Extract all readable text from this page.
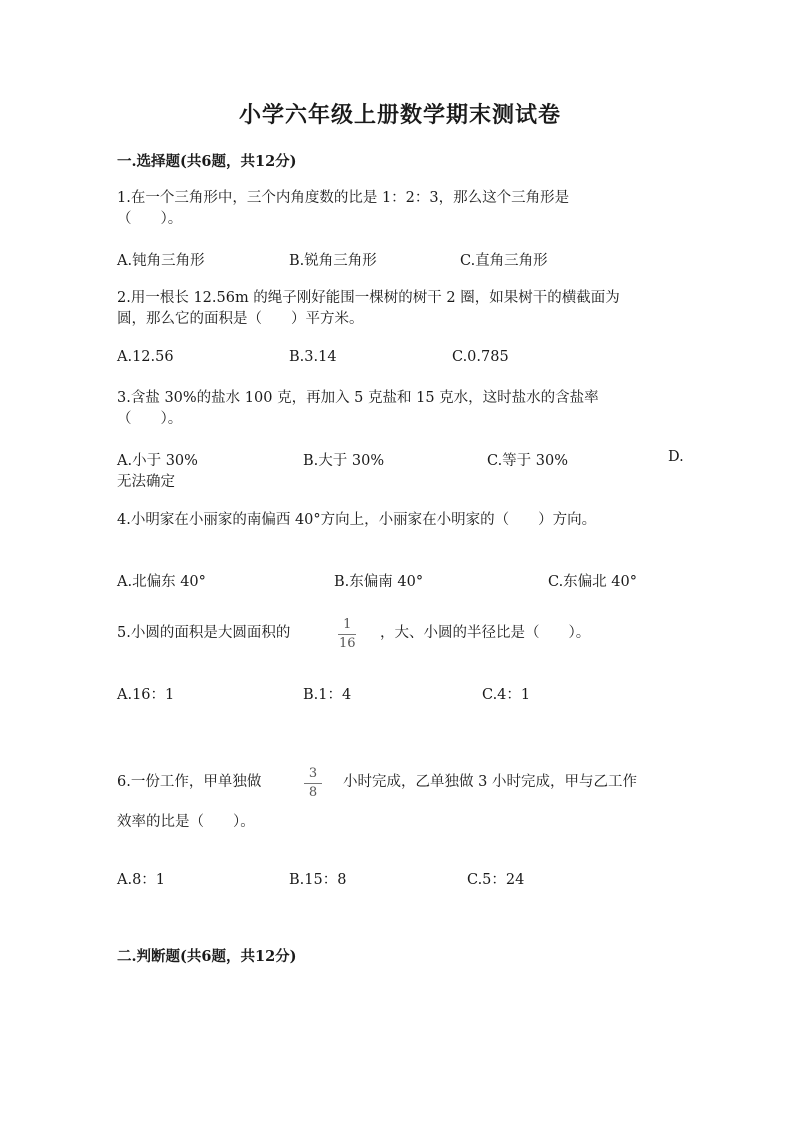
小学六年级上册数学期末测试卷
一.选择题(共6题，共12分)
1.在一个三角形中，三个内角度数的比是 1：2：3，那么这个三角形是
（　　）。
A.钝角三角形	B.锐角三角形	C.直角三角形
2.用一根长 12.56m 的绳子刚好能围一棵树的树干 2 圈，如果树干的横截面为
圆，那么它的面积是（　　）平方米。
A.12.56	B.3.14	C.0.785
3.含盐 30%的盐水 100 克，再加入 5 克盐和 15 克水，这时盐水的含盐率
（　　）。
A.小于 30%	B.大于 30%	C.等于 30%	D.
无法确定
4.小明家在小丽家的南偏西 40°方向上，小丽家在小明家的（　　）方向。
A.北偏东 40°	B.东偏南 40°	C.东偏北 40°
5.小圆的面积是大圆面积的
1
16
，大、小圆的半径比是（　　）。
A.16：1	B.1：4	C.4：1
6.一份工作，甲单独做
3
8
小时完成，乙单独做 3 小时完成，甲与乙工作
效率的比是（　　）。
A.8：1	B.15：8	C.5：24
二.判断题(共6题，共12分)
